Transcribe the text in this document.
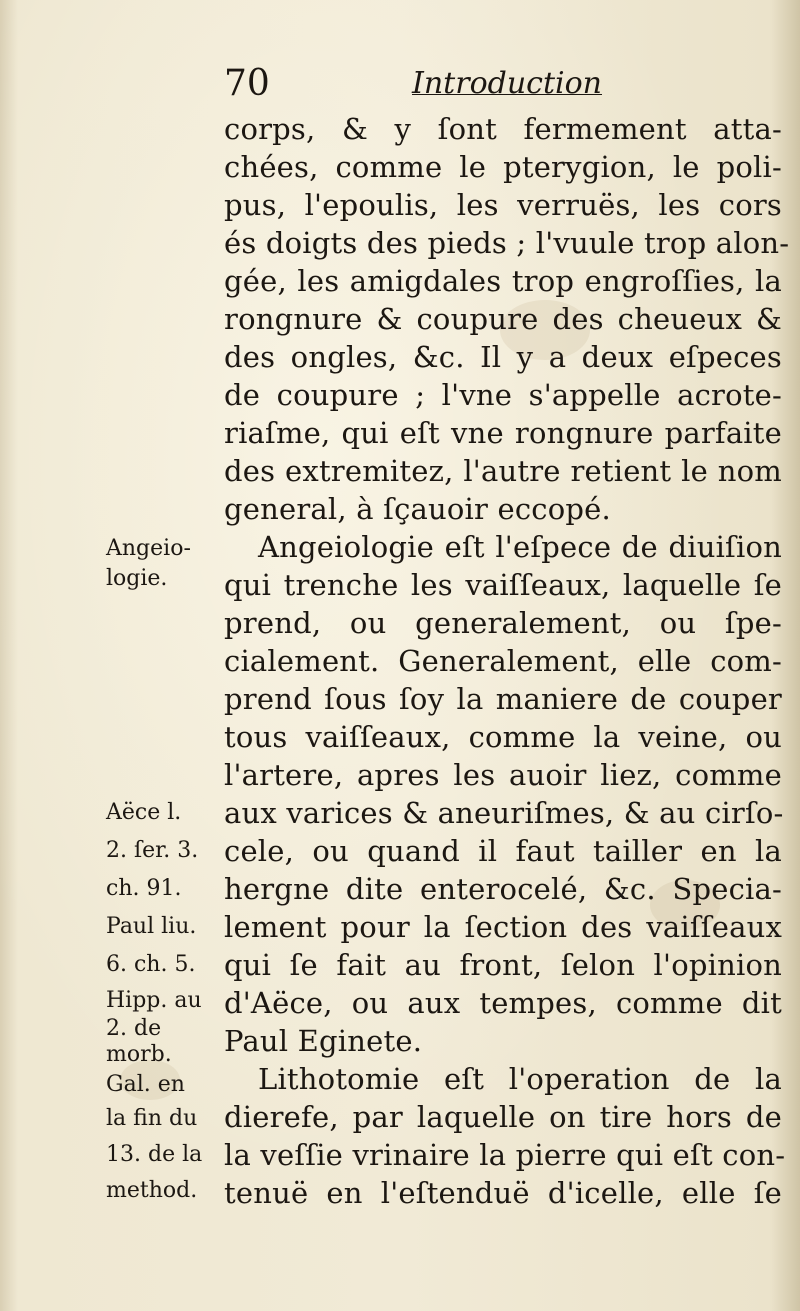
70	Introduction
corps, & y ſont fermement atta-
chées, comme le pterygion, le poli-
pus, l'epoulis, les verruës, les cors
és doigts des pieds ; l'vuule trop alon-
gée, les amigdales trop engroſſies, la
rongnure & coupure des cheueux &
des ongles, &c. Il y a deux eſpeces
de coupure ; l'vne s'appelle acrote-
riaſme, qui eſt vne rongnure parfaite
des extremitez, l'autre retient le nom
general, à ſçauoir eccopé.
Angeiologie eſt l'eſpece de diuiſion
qui trenche les vaiſſeaux, laquelle ſe
prend, ou generalement, ou ſpe-
cialement. Generalement, elle com-
prend ſous ſoy la maniere de couper
tous vaiſſeaux, comme la veine, ou
l'artere, apres les auoir liez, comme
aux varices & aneuriſmes, & au cirſo-
cele, ou quand il faut tailler en la
hergne dite enterocelé, &c. Specia-
lement pour la ſection des vaiſſeaux
qui ſe fait au front, ſelon l'opinion
d'Aëce, ou aux tempes, comme dit
Paul Eginete.
Lithotomie eſt l'operation de la
dierefe, par laquelle on tire hors de
la veſſie vrinaire la pierre qui eſt con-
tenuë en l'eſtenduë d'icelle, elle ſe
Angeio-
logie.
Aëce l.
2. ſer. 3.
ch. 91.
Paul liu.
6. ch. 5.
Hipp. au
2. de
morb.
Gal. en
la fin du
13. de la
method.
